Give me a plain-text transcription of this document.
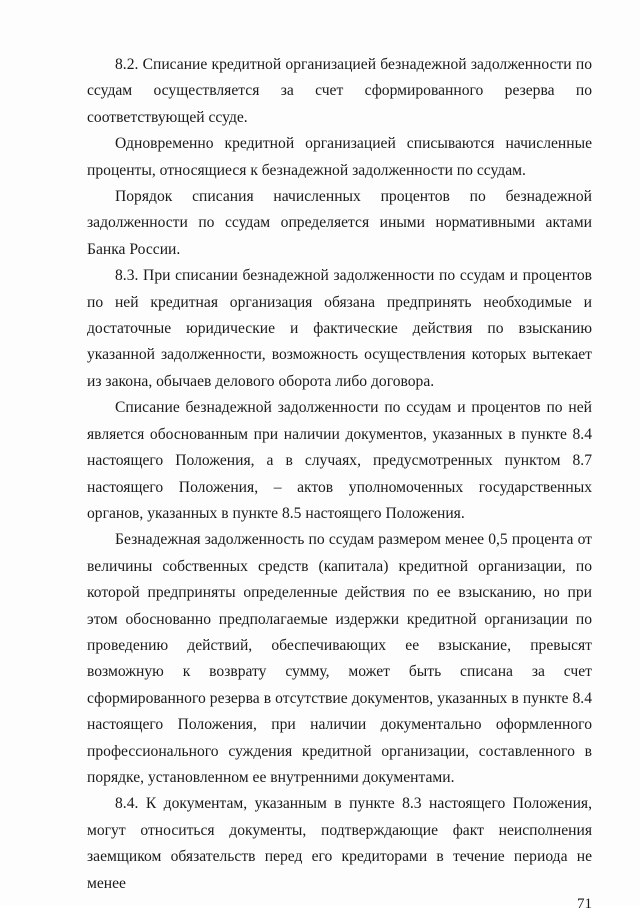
8.2. Списание кредитной организацией безнадежной задолженности по ссудам осуществляется за счет сформированного резерва по соответствующей ссуде.

Одновременно кредитной организацией списываются начисленные проценты, относящиеся к безнадежной задолженности по ссудам.

Порядок списания начисленных процентов по безнадежной задолженности по ссудам определяется иными нормативными актами Банка России.

8.3. При списании безнадежной задолженности по ссудам и процентов по ней кредитная организация обязана предпринять необходимые и достаточные юридические и фактические действия по взысканию указанной задолженности, возможность осуществления которых вытекает из закона, обычаев делового оборота либо договора.

Списание безнадежной задолженности по ссудам и процентов по ней является обоснованным при наличии документов, указанных в пункте 8.4 настоящего Положения, а в случаях, предусмотренных пунктом 8.7 настоящего Положения, – актов уполномоченных государственных органов, указанных в пункте 8.5 настоящего Положения.

Безнадежная задолженность по ссудам размером менее 0,5 процента от величины собственных средств (капитала) кредитной организации, по которой предприняты определенные действия по ее взысканию, но при этом обоснованно предполагаемые издержки кредитной организации по проведению действий, обеспечивающих ее взыскание, превысят возможную к возврату сумму, может быть списана за счет сформированного резерва в отсутствие документов, указанных в пункте 8.4 настоящего Положения, при наличии документально оформленного профессионального суждения кредитной организации, составленного в порядке, установленном ее внутренними документами.

8.4. К документам, указанным в пункте 8.3 настоящего Положения, могут относиться документы, подтверждающие факт неисполнения заемщиком обязательств перед его кредиторами в течение периода не менее

71
